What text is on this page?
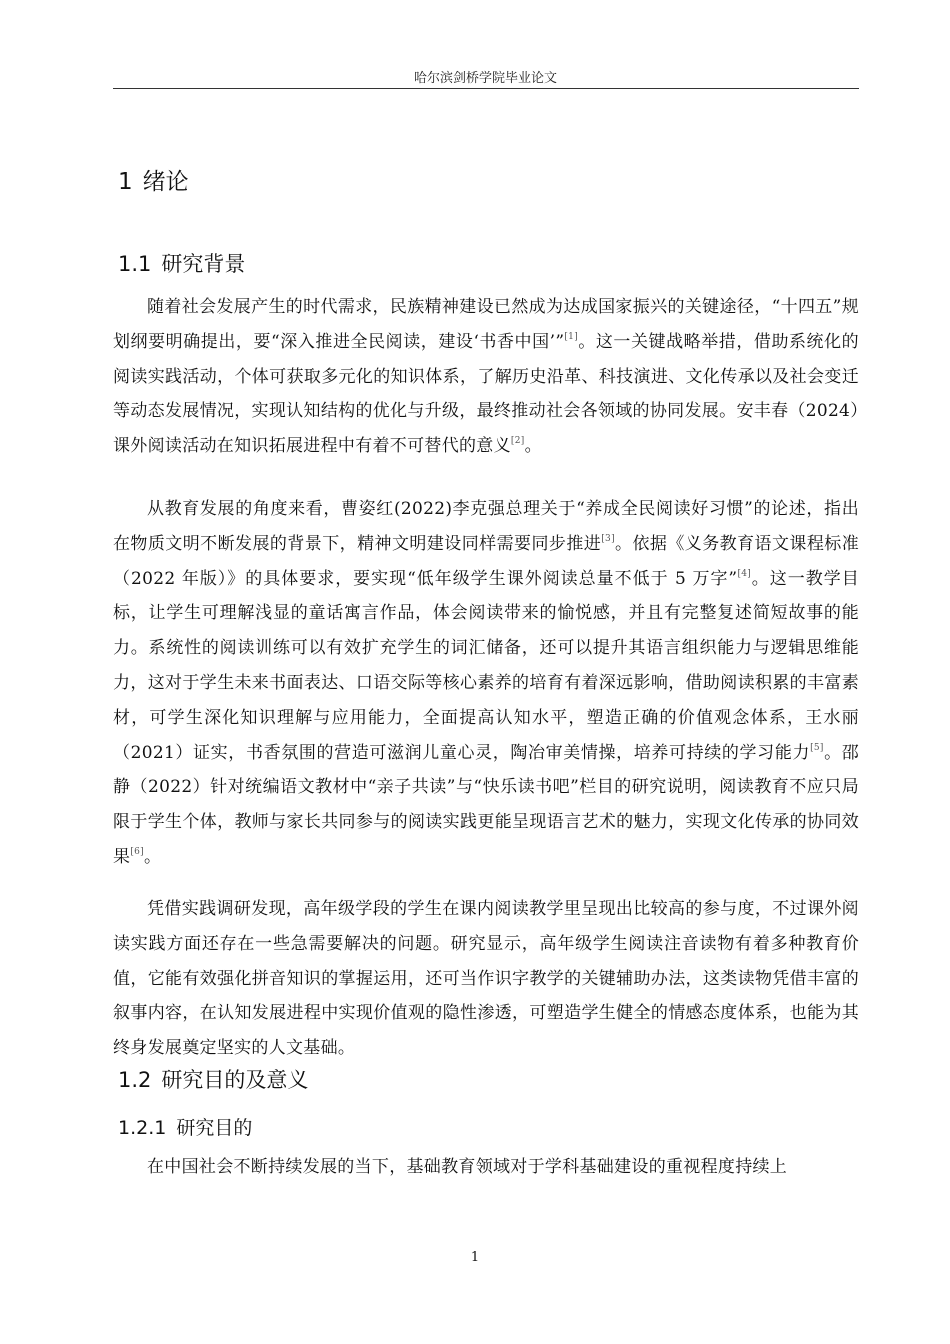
哈尔滨剑桥学院毕业论文
1 绪论
1.1 研究背景

随着社会发展产生的时代需求，民族精神建设已然成为达成国家振兴的关键途径，“十四五”规划纲要明确提出，要“深入推进全民阅读，建设‘书香中国’”[1]。这一关键战略举措，借助系统化的阅读实践活动，个体可获取多元化的知识体系，了解历史沿革、科技演进、文化传承以及社会变迁等动态发展情况，实现认知结构的优化与升级，最终推动社会各领域的协同发展。安丰春（2024）课外阅读活动在知识拓展进程中有着不可替代的意义[2]。

从教育发展的角度来看，曹姿红(2022)李克强总理关于“养成全民阅读好习惯”的论述，指出在物质文明不断发展的背景下，精神文明建设同样需要同步推进[3]。依据《义务教育语文课程标准（2022 年版）》的具体要求，要实现“低年级学生课外阅读总量不低于 5 万字”[4]。这一教学目标，让学生可理解浅显的童话寓言作品，体会阅读带来的愉悦感，并且有完整复述简短故事的能力。系统性的阅读训练可以有效扩充学生的词汇储备，还可以提升其语言组织能力与逻辑思维能力，这对于学生未来书面表达、口语交际等核心素养的培育有着深远影响，借助阅读积累的丰富素材，可学生深化知识理解与应用能力，全面提高认知水平，塑造正确的价值观念体系，王水丽（2021）证实，书香氛围的营造可滋润儿童心灵，陶冶审美情操，培养可持续的学习能力[5]。邵静（2022）针对统编语文教材中“亲子共读”与“快乐读书吧”栏目的研究说明，阅读教育不应只局限于学生个体，教师与家长共同参与的阅读实践更能呈现语言艺术的魅力，实现文化传承的协同效果[6]。

凭借实践调研发现，高年级学段的学生在课内阅读教学里呈现出比较高的参与度，不过课外阅读实践方面还存在一些急需要解决的问题。研究显示，高年级学生阅读注音读物有着多种教育价值，它能有效强化拼音知识的掌握运用，还可当作识字教学的关键辅助办法，这类读物凭借丰富的叙事内容，在认知发展进程中实现价值观的隐性渗透，可塑造学生健全的情感态度体系，也能为其终身发展奠定坚实的人文基础。

1.2 研究目的及意义
1.2.1 研究目的

在中国社会不断持续发展的当下，基础教育领域对于学科基础建设的重视程度持续上

1
